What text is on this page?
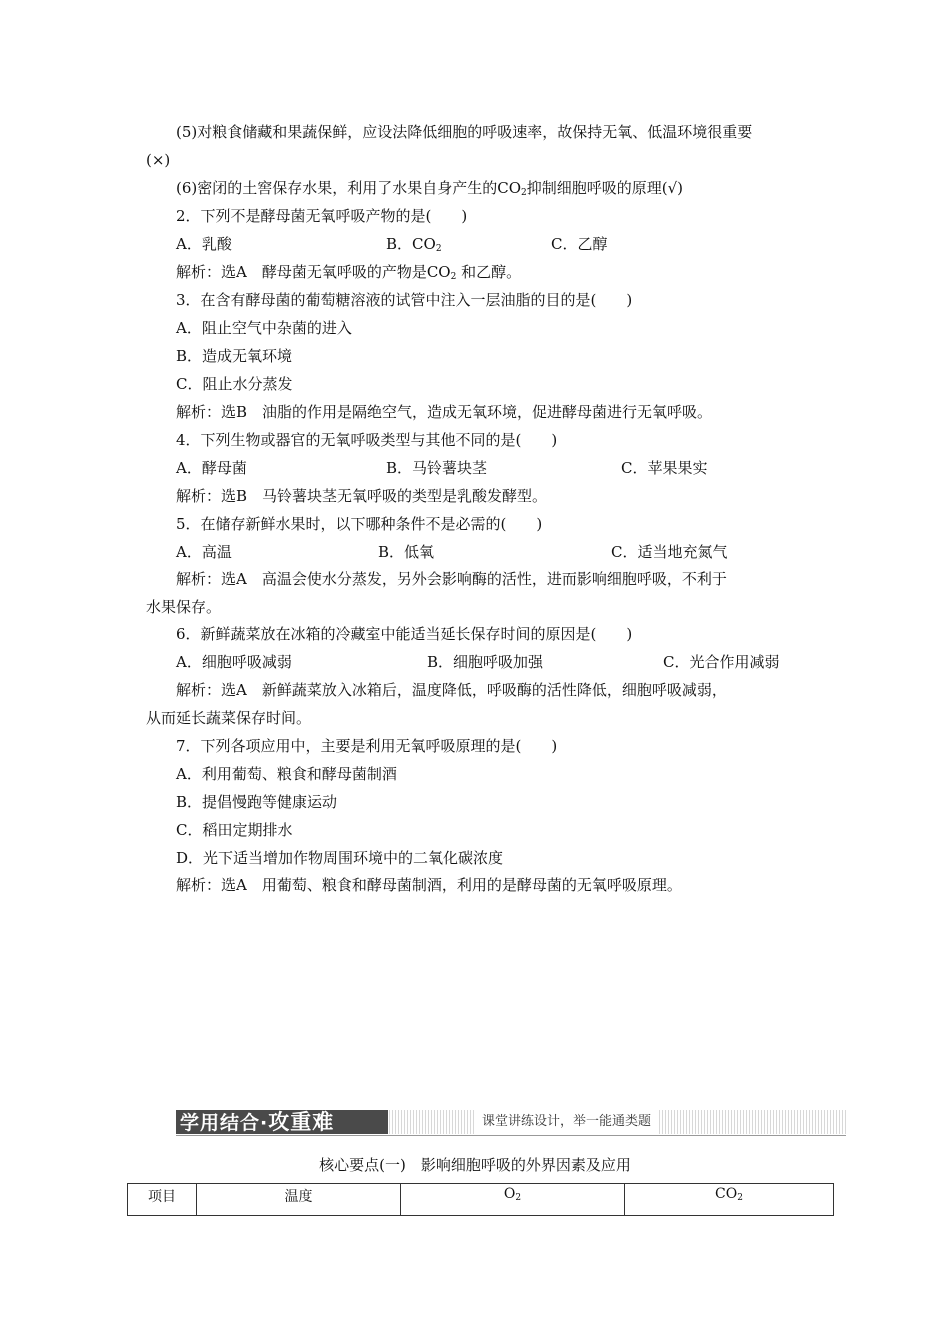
(5)对粮食储藏和果蔬保鲜，应设法降低细胞的呼吸速率，故保持无氧、低温环境很重要
(×)
(6)密闭的土窖保存水果，利用了水果自身产生的$CO_2$抑制细胞呼吸的原理(√)
2．下列不是酵母菌无氧呼吸产物的是(　　)
A．乳酸	B．$CO_2$	C．乙醇
解析：选A　酵母菌无氧呼吸的产物是$CO_2$ 和乙醇。
3．在含有酵母菌的葡萄糖溶液的试管中注入一层油脂的目的是(　　)
A．阻止空气中杂菌的进入
B．造成无氧环境
C．阻止水分蒸发
解析：选B　油脂的作用是隔绝空气，造成无氧环境，促进酵母菌进行无氧呼吸。
4．下列生物或器官的无氧呼吸类型与其他不同的是(　　)
A．酵母菌	B．马铃薯块茎	C．苹果果实
解析：选B　马铃薯块茎无氧呼吸的类型是乳酸发酵型。
5．在储存新鲜水果时，以下哪种条件不是必需的(　　)
A．高温	B．低氧	C．适当地充氮气
解析：选A　高温会使水分蒸发，另外会影响酶的活性，进而影响细胞呼吸，不利于
水果保存。
6．新鲜蔬菜放在冰箱的冷藏室中能适当延长保存时间的原因是(　　)
A．细胞呼吸减弱	B．细胞呼吸加强	C．光合作用减弱
解析：选A　新鲜蔬菜放入冰箱后，温度降低，呼吸酶的活性降低，细胞呼吸减弱，
从而延长蔬菜保存时间。
7．下列各项应用中，主要是利用无氧呼吸原理的是(　　)
A．利用葡萄、粮食和酵母菌制酒
B．提倡慢跑等健康运动
C．稻田定期排水
D．光下适当增加作物周围环境中的二氧化碳浓度
解析：选A　用葡萄、粮食和酵母菌制酒，利用的是酵母菌的无氧呼吸原理。
学用结合·攻重难	课堂讲练设计，举一能通类题
核心要点(一)　影响细胞呼吸的外界因素及应用
项目	温度	$O_2$	$CO_2$
